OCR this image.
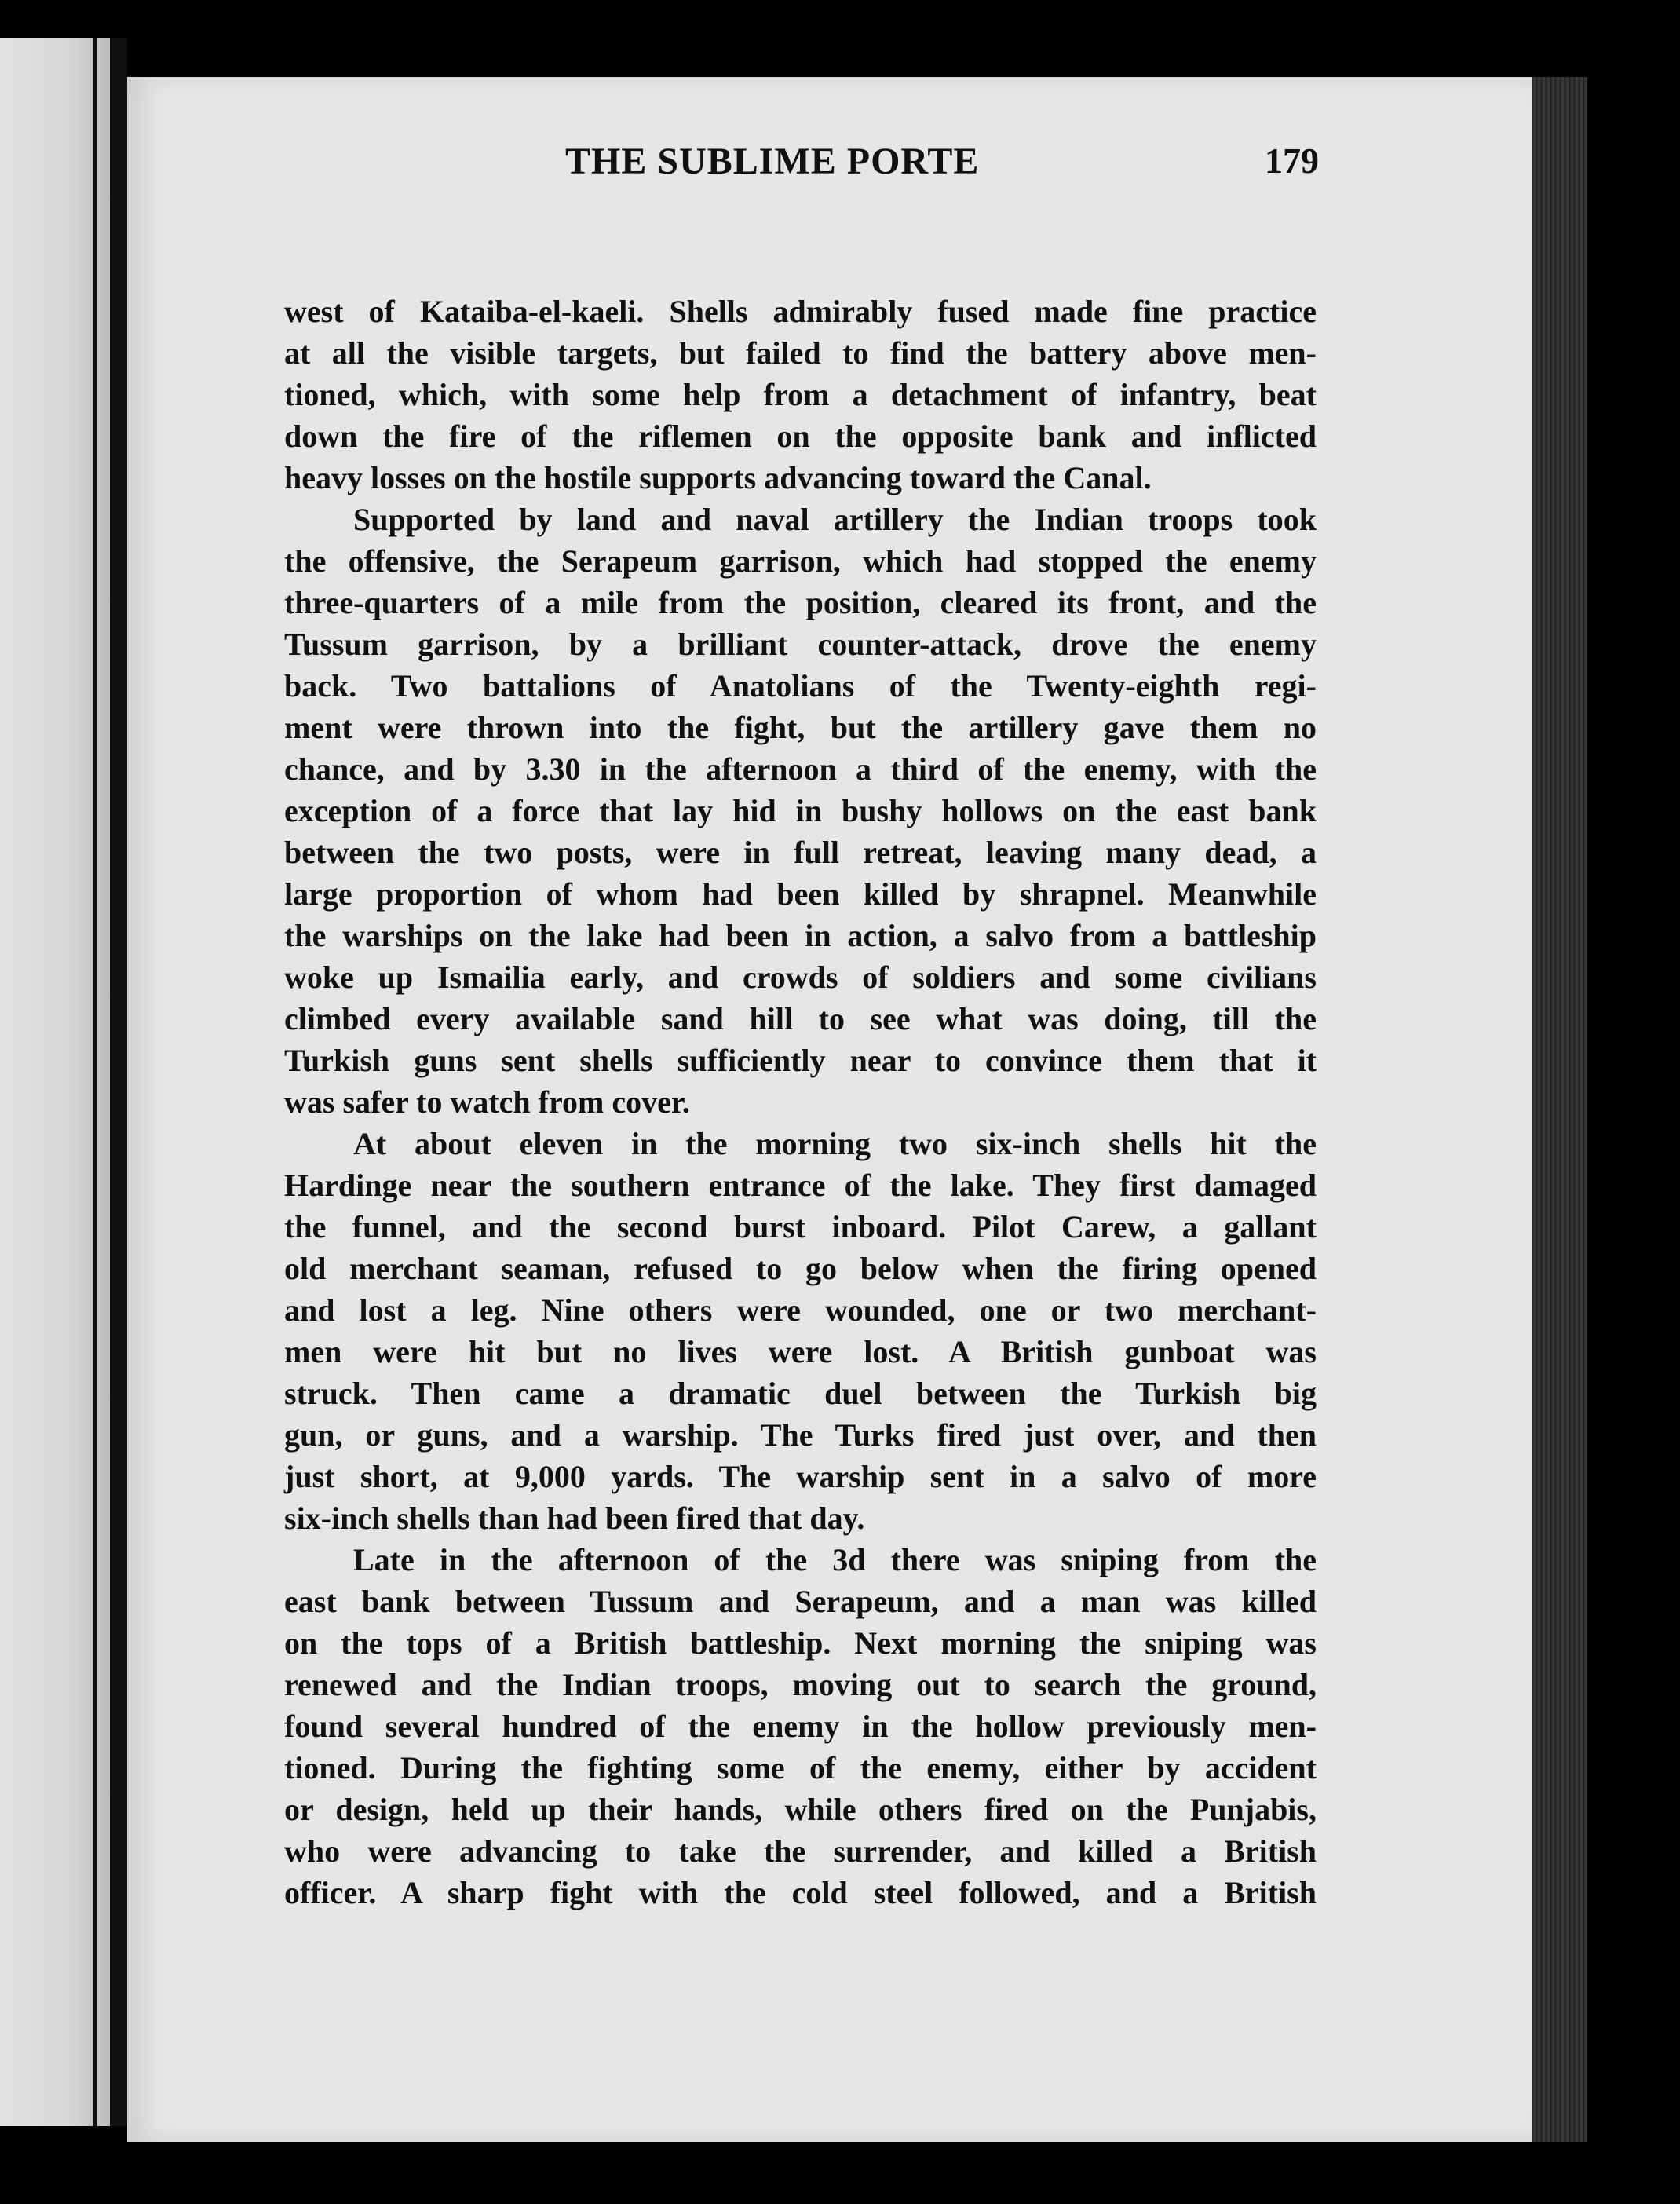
THE SUBLIME PORTE	179
west of Kataiba-el-kaeli. Shells admirably fused made fine practice
at all the visible targets, but failed to find the battery above men-
tioned, which, with some help from a detachment of infantry, beat
down the fire of the riflemen on the opposite bank and inflicted
heavy losses on the hostile supports advancing toward the Canal.
Supported by land and naval artillery the Indian troops took
the offensive, the Serapeum garrison, which had stopped the enemy
three-quarters of a mile from the position, cleared its front, and the
Tussum garrison, by a brilliant counter-attack, drove the enemy
back. Two battalions of Anatolians of the Twenty-eighth regi-
ment were thrown into the fight, but the artillery gave them no
chance, and by 3.30 in the afternoon a third of the enemy, with the
exception of a force that lay hid in bushy hollows on the east bank
between the two posts, were in full retreat, leaving many dead, a
large proportion of whom had been killed by shrapnel. Meanwhile
the warships on the lake had been in action, a salvo from a battleship
woke up Ismailia early, and crowds of soldiers and some civilians
climbed every available sand hill to see what was doing, till the
Turkish guns sent shells sufficiently near to convince them that it
was safer to watch from cover.
At about eleven in the morning two six-inch shells hit the
Hardinge near the southern entrance of the lake. They first damaged
the funnel, and the second burst inboard. Pilot Carew, a gallant
old merchant seaman, refused to go below when the firing opened
and lost a leg. Nine others were wounded, one or two merchant-
men were hit but no lives were lost. A British gunboat was
struck. Then came a dramatic duel between the Turkish big
gun, or guns, and a warship. The Turks fired just over, and then
just short, at 9,000 yards. The warship sent in a salvo of more
six-inch shells than had been fired that day.
Late in the afternoon of the 3d there was sniping from the
east bank between Tussum and Serapeum, and a man was killed
on the tops of a British battleship. Next morning the sniping was
renewed and the Indian troops, moving out to search the ground,
found several hundred of the enemy in the hollow previously men-
tioned. During the fighting some of the enemy, either by accident
or design, held up their hands, while others fired on the Punjabis,
who were advancing to take the surrender, and killed a British
officer. A sharp fight with the cold steel followed, and a British
